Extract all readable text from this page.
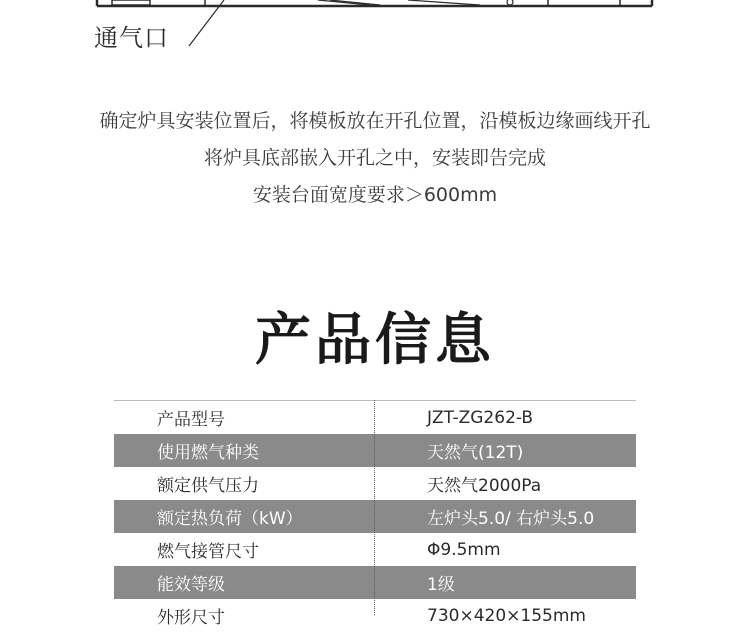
通气口
确定炉具安装位置后，将模板放在开孔位置，沿模板边缘画线开孔
将炉具底部嵌入开孔之中，安装即告完成
安装台面宽度要求＞600mm
产品信息
产品型号	JZT-ZG262-B
使用燃气种类	天然气(12T)
额定供气压力	天然气2000Pa
额定热负荷（kW）	左炉头5.0/ 右炉头5.0
燃气接管尺寸	Φ9.5mm
能效等级	1级
外形尺寸	730×420×155mm
